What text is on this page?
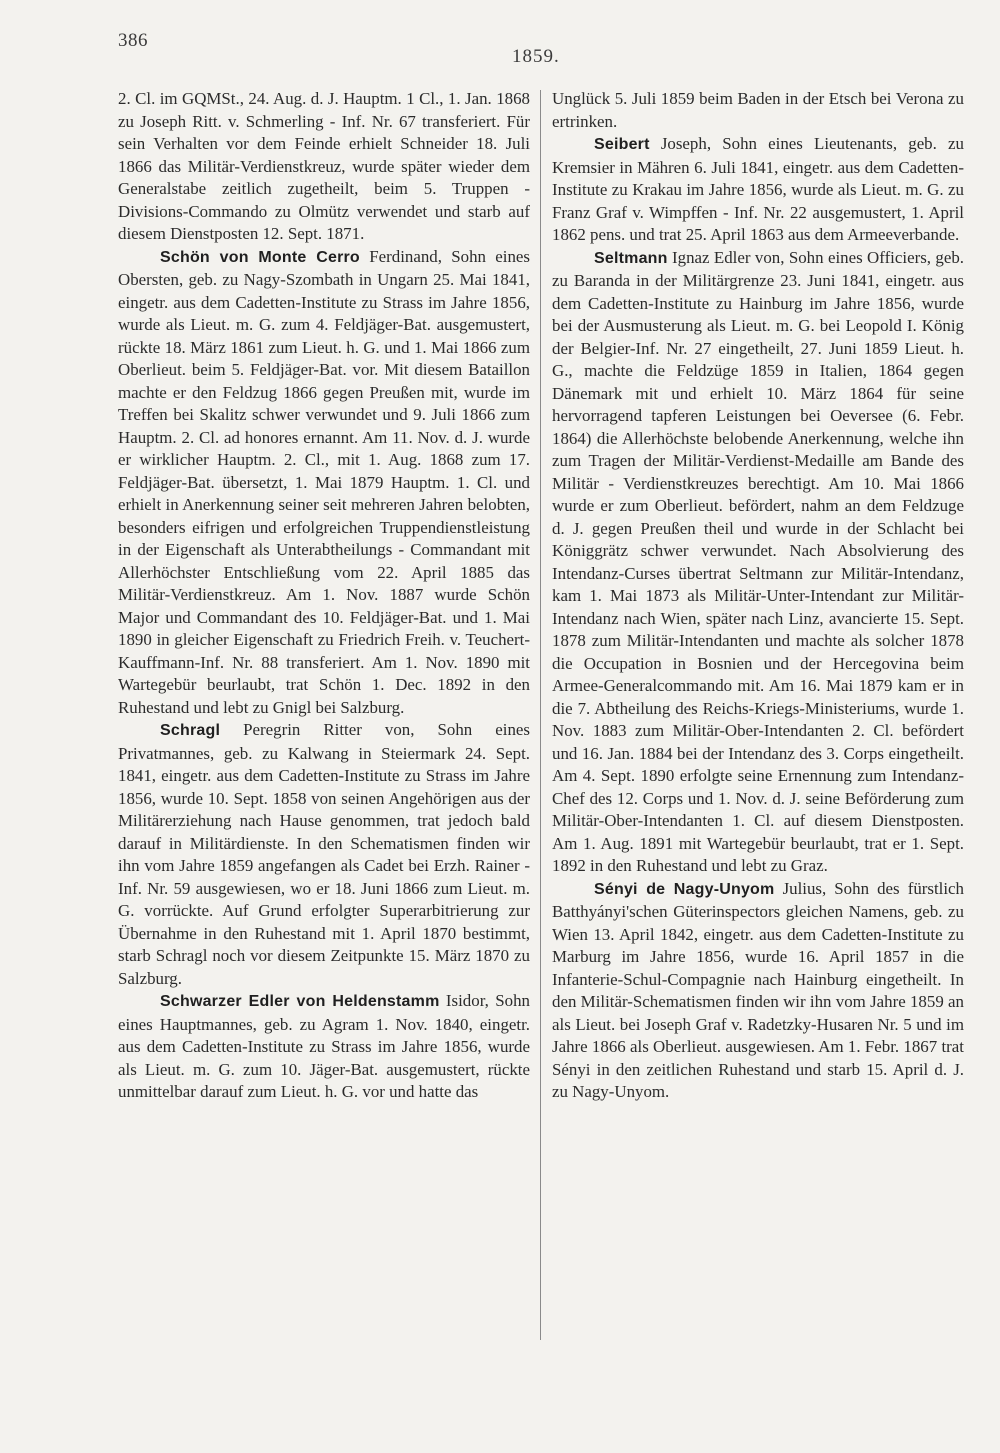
386
1859.

2. Cl. im GQMSt., 24. Aug. d. J. Hauptm. 1 Cl., 1. Jan. 1868 zu Joseph Ritt. v. Schmerling - Inf. Nr. 67 transferiert. Für sein Verhalten vor dem Feinde erhielt Schneider 18. Juli 1866 das Militär-Verdienstkreuz, wurde später wieder dem Generalstabe zeitlich zugetheilt, beim 5. Truppen - Divisions-Commando zu Olmütz verwendet und starb auf diesem Dienstposten 12. Sept. 1871.

Schön von Monte Cerro Ferdinand, Sohn eines Obersten, geb. zu Nagy-Szombath in Ungarn 25. Mai 1841, eingetr. aus dem Cadetten-Institute zu Strass im Jahre 1856, wurde als Lieut. m. G. zum 4. Feldjäger-Bat. ausgemustert, rückte 18. März 1861 zum Lieut. h. G. und 1. Mai 1866 zum Oberlieut. beim 5. Feldjäger-Bat. vor. Mit diesem Bataillon machte er den Feldzug 1866 gegen Preußen mit, wurde im Treffen bei Skalitz schwer verwundet und 9. Juli 1866 zum Hauptm. 2. Cl. ad honores ernannt. Am 11. Nov. d. J. wurde er wirklicher Hauptm. 2. Cl., mit 1. Aug. 1868 zum 17. Feldjäger-Bat. übersetzt, 1. Mai 1879 Hauptm. 1. Cl. und erhielt in Anerkennung seiner seit mehreren Jahren belobten, besonders eifrigen und erfolgreichen Truppendienstleistung in der Eigenschaft als Unterabtheilungs - Commandant mit Allerhöchster Entschließung vom 22. April 1885 das Militär-Verdienstkreuz. Am 1. Nov. 1887 wurde Schön Major und Commandant des 10. Feldjäger-Bat. und 1. Mai 1890 in gleicher Eigenschaft zu Friedrich Freih. v. Teuchert-Kauffmann-Inf. Nr. 88 transferiert. Am 1. Nov. 1890 mit Wartegebür beurlaubt, trat Schön 1. Dec. 1892 in den Ruhestand und lebt zu Gnigl bei Salzburg.

Schragl Peregrin Ritter von, Sohn eines Privatmannes, geb. zu Kalwang in Steiermark 24. Sept. 1841, eingetr. aus dem Cadetten-Institute zu Strass im Jahre 1856, wurde 10. Sept. 1858 von seinen Angehörigen aus der Militärerziehung nach Hause genommen, trat jedoch bald darauf in Militärdienste. In den Schematismen finden wir ihn vom Jahre 1859 angefangen als Cadet bei Erzh. Rainer - Inf. Nr. 59 ausgewiesen, wo er 18. Juni 1866 zum Lieut. m. G. vorrückte. Auf Grund erfolgter Superarbitrierung zur Übernahme in den Ruhestand mit 1. April 1870 bestimmt, starb Schragl noch vor diesem Zeitpunkte 15. März 1870 zu Salzburg.

Schwarzer Edler von Heldenstamm Isidor, Sohn eines Hauptmannes, geb. zu Agram 1. Nov. 1840, eingetr. aus dem Cadetten-Institute zu Strass im Jahre 1856, wurde als Lieut. m. G. zum 10. Jäger-Bat. ausgemustert, rückte unmittelbar darauf zum Lieut. h. G. vor und hatte das

Unglück 5. Juli 1859 beim Baden in der Etsch bei Verona zu ertrinken.

Seibert Joseph, Sohn eines Lieutenants, geb. zu Kremsier in Mähren 6. Juli 1841, eingetr. aus dem Cadetten-Institute zu Krakau im Jahre 1856, wurde als Lieut. m. G. zu Franz Graf v. Wimpffen - Inf. Nr. 22 ausgemustert, 1. April 1862 pens. und trat 25. April 1863 aus dem Armeeverbande.

Seltmann Ignaz Edler von, Sohn eines Officiers, geb. zu Baranda in der Militärgrenze 23. Juni 1841, eingetr. aus dem Cadetten-Institute zu Hainburg im Jahre 1856, wurde bei der Ausmusterung als Lieut. m. G. bei Leopold I. König der Belgier-Inf. Nr. 27 eingetheilt, 27. Juni 1859 Lieut. h. G., machte die Feldzüge 1859 in Italien, 1864 gegen Dänemark mit und erhielt 10. März 1864 für seine hervorragend tapferen Leistungen bei Oeversee (6. Febr. 1864) die Allerhöchste belobende Anerkennung, welche ihn zum Tragen der Militär-Verdienst-Medaille am Bande des Militär - Verdienstkreuzes berechtigt. Am 10. Mai 1866 wurde er zum Oberlieut. befördert, nahm an dem Feldzuge d. J. gegen Preußen theil und wurde in der Schlacht bei Königgrätz schwer verwundet. Nach Absolvierung des Intendanz-Curses übertrat Seltmann zur Militär-Intendanz, kam 1. Mai 1873 als Militär-Unter-Intendant zur Militär-Intendanz nach Wien, später nach Linz, avancierte 15. Sept. 1878 zum Militär-Intendanten und machte als solcher 1878 die Occupation in Bosnien und der Hercegovina beim Armee-Generalcommando mit. Am 16. Mai 1879 kam er in die 7. Abtheilung des Reichs-Kriegs-Ministeriums, wurde 1. Nov. 1883 zum Militär-Ober-Intendanten 2. Cl. befördert und 16. Jan. 1884 bei der Intendanz des 3. Corps eingetheilt. Am 4. Sept. 1890 erfolgte seine Ernennung zum Intendanz-Chef des 12. Corps und 1. Nov. d. J. seine Beförderung zum Militär-Ober-Intendanten 1. Cl. auf diesem Dienstposten. Am 1. Aug. 1891 mit Wartegebür beurlaubt, trat er 1. Sept. 1892 in den Ruhestand und lebt zu Graz.

Sényi de Nagy-Unyom Julius, Sohn des fürstlich Batthyányi'schen Güterinspectors gleichen Namens, geb. zu Wien 13. April 1842, eingetr. aus dem Cadetten-Institute zu Marburg im Jahre 1856, wurde 16. April 1857 in die Infanterie-Schul-Compagnie nach Hainburg eingetheilt. In den Militär-Schematismen finden wir ihn vom Jahre 1859 an als Lieut. bei Joseph Graf v. Radetzky-Husaren Nr. 5 und im Jahre 1866 als Oberlieut. ausgewiesen. Am 1. Febr. 1867 trat Sényi in den zeitlichen Ruhestand und starb 15. April d. J. zu Nagy-Unyom.
